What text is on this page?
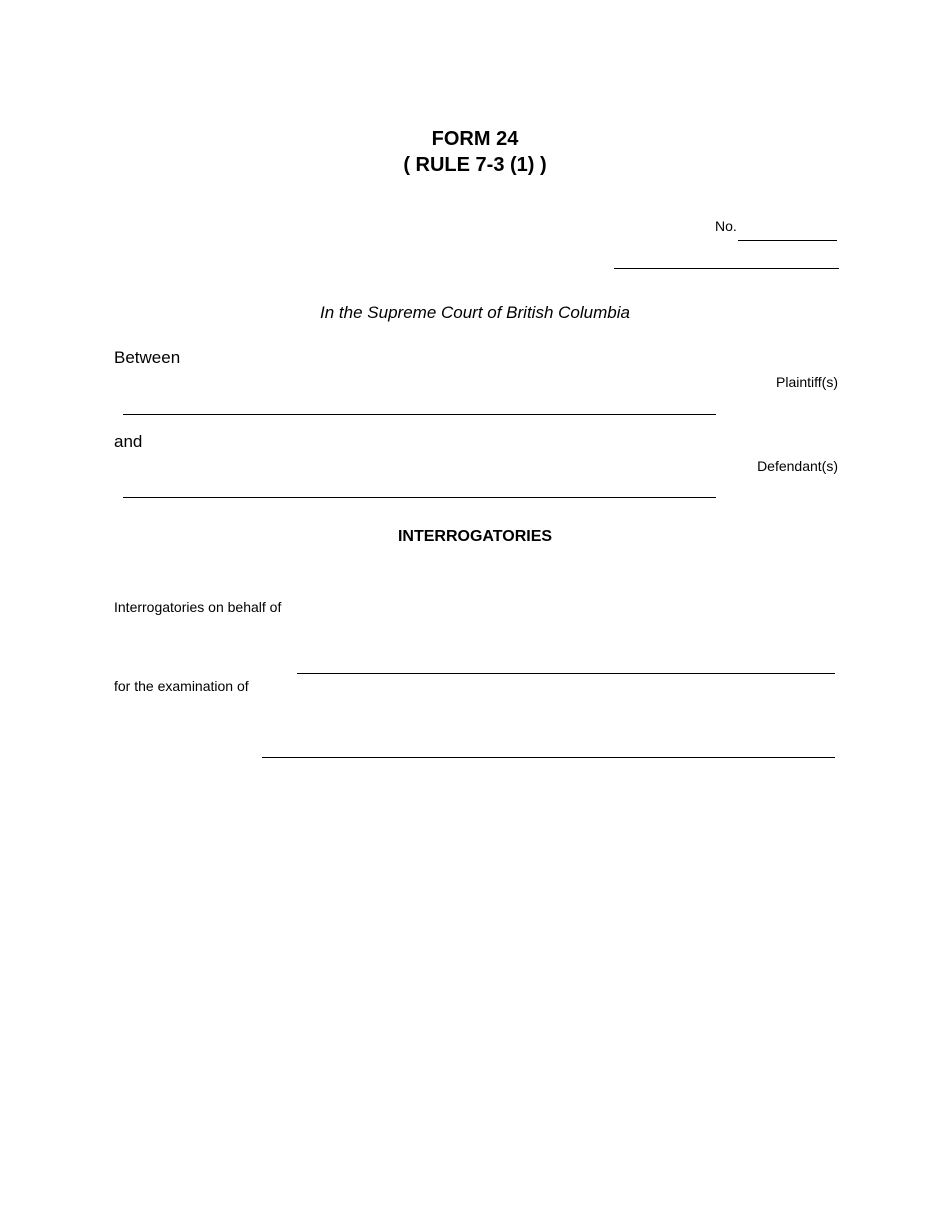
FORM 24
( RULE 7-3 (1) )
No.
In the Supreme Court of British Columbia
Between
Plaintiff(s)
and
Defendant(s)
INTERROGATORIES
Interrogatories on behalf of
for the examination of
